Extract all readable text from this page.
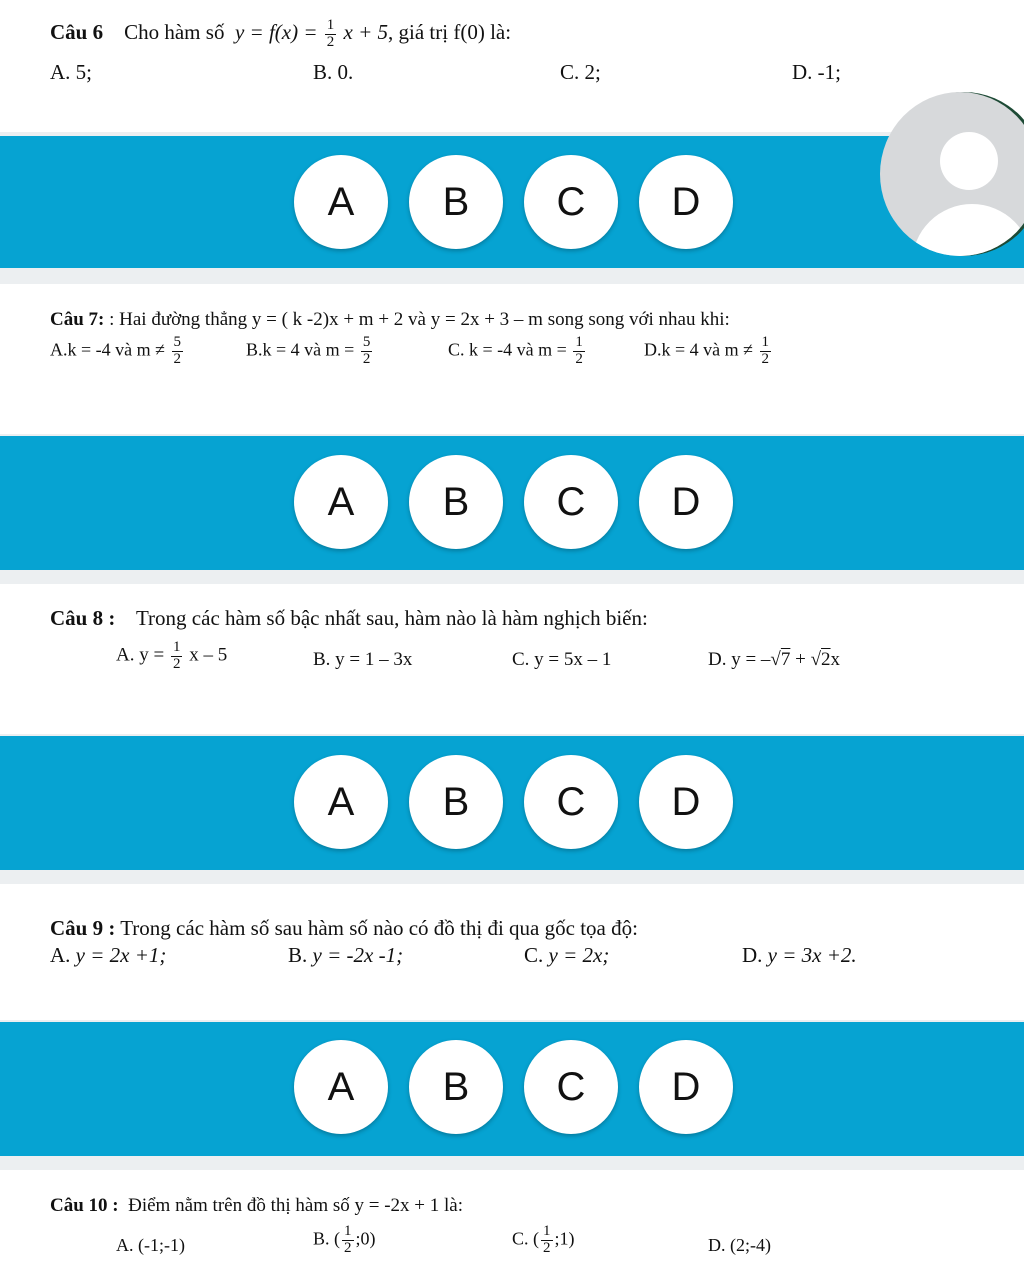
Câu 6 Cho hàm số $y = f(x) = \frac{1}{2}$ x + 5, giá trị f(0) là:
A. 5;	B. 0.	C. 2;	D. -1;
A	B	C	D
Câu 7: : Hai đường thẳng y = ( k -2)x + m + 2 và y = 2x + 3 – m song song với nhau khi:
A.k = -4 và $m \ne \frac{5}{2}$	B.k = 4 và $m = \frac{5}{2}$	C. k = -4 và $m = \frac{1}{2}$	D.k = 4 và $m \ne \frac{1}{2}$
A	B	C	D
Câu 8 : Trong các hàm số bậc nhất sau, hàm nào là hàm nghịch biến:
A. $y = \frac{1}{2}$ x – 5	B. y = 1 – 3x	C. y = 5x – 1	D. y = –√7 + √2x
A	B	C	D
Câu 9 : Trong các hàm số sau hàm số nào có đồ thị đi qua gốc tọa độ:
A. y = 2x +1;	B. y = -2x -1;	C. y = 2x;	D. y = 3x +2.
A	B	C	D
Câu 10 : Điểm nằm trên đồ thị hàm số y = -2x + 1 là:
A. (-1;-1)	B. ( $\frac{1}{2}$ ;0)	C. ( $\frac{1}{2}$ ;1)	D. (2;-4)
